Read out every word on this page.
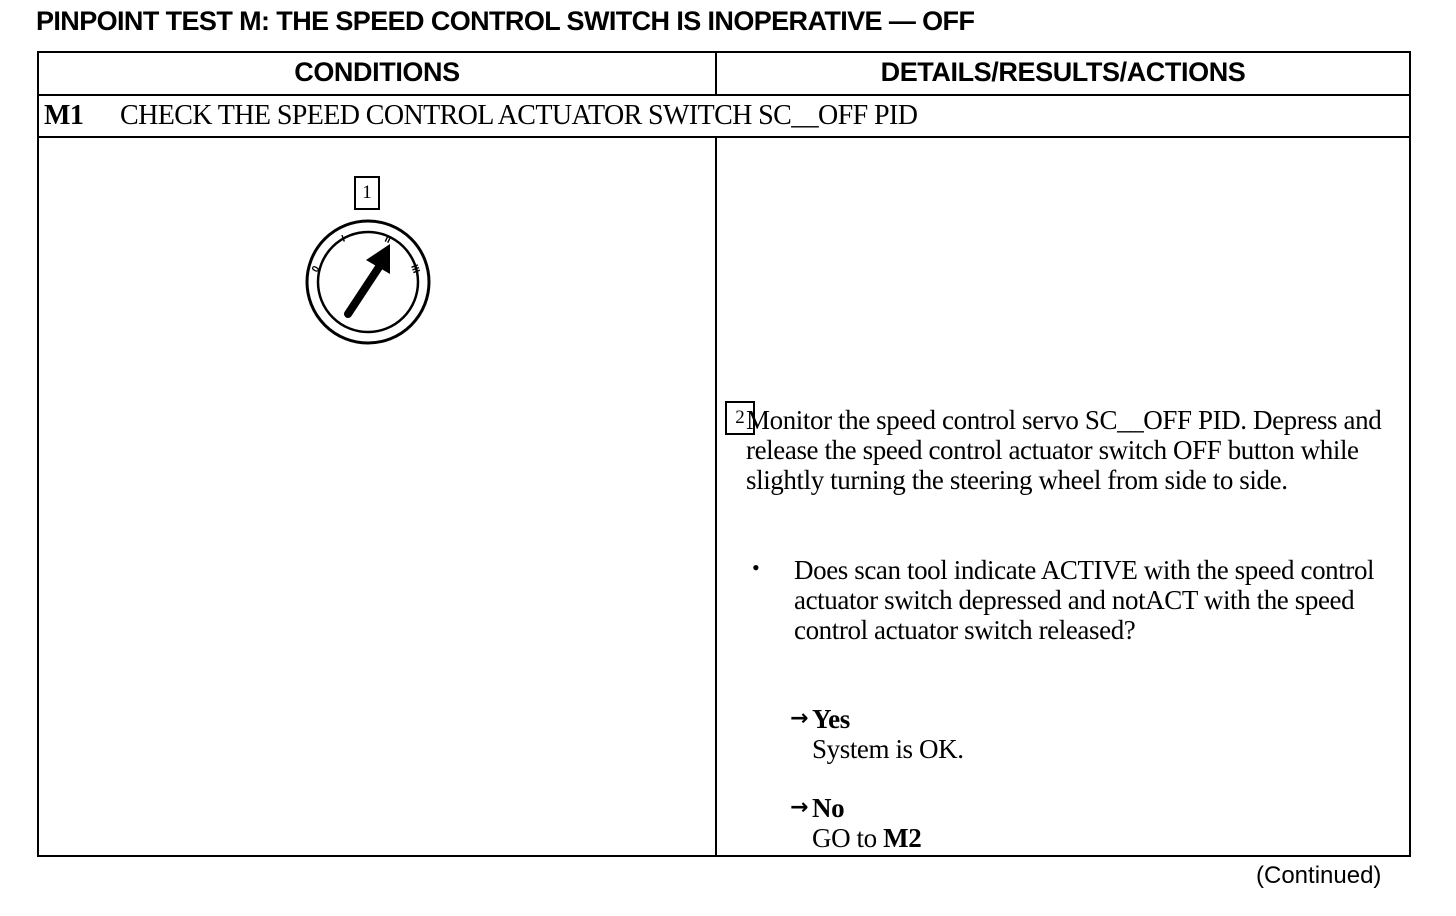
PINPOINT TEST M: THE SPEED CONTROL SWITCH IS INOPERATIVE — OFF
CONDITIONS	DETAILS/RESULTS/ACTIONS
M1 CHECK THE SPEED CONTROL ACTUATOR SWITCH SC__OFF PID
1
0
I	II
III
2 Monitor the speed control servo SC__OFF PID. Depress and release the speed control actuator switch OFF button while slightly turning the steering wheel from side to side.
• Does scan tool indicate ACTIVE with the speed control actuator switch depressed and notACT with the speed control actuator switch released?
→ Yes
System is OK.
→ No
GO to M2
(Continued)
